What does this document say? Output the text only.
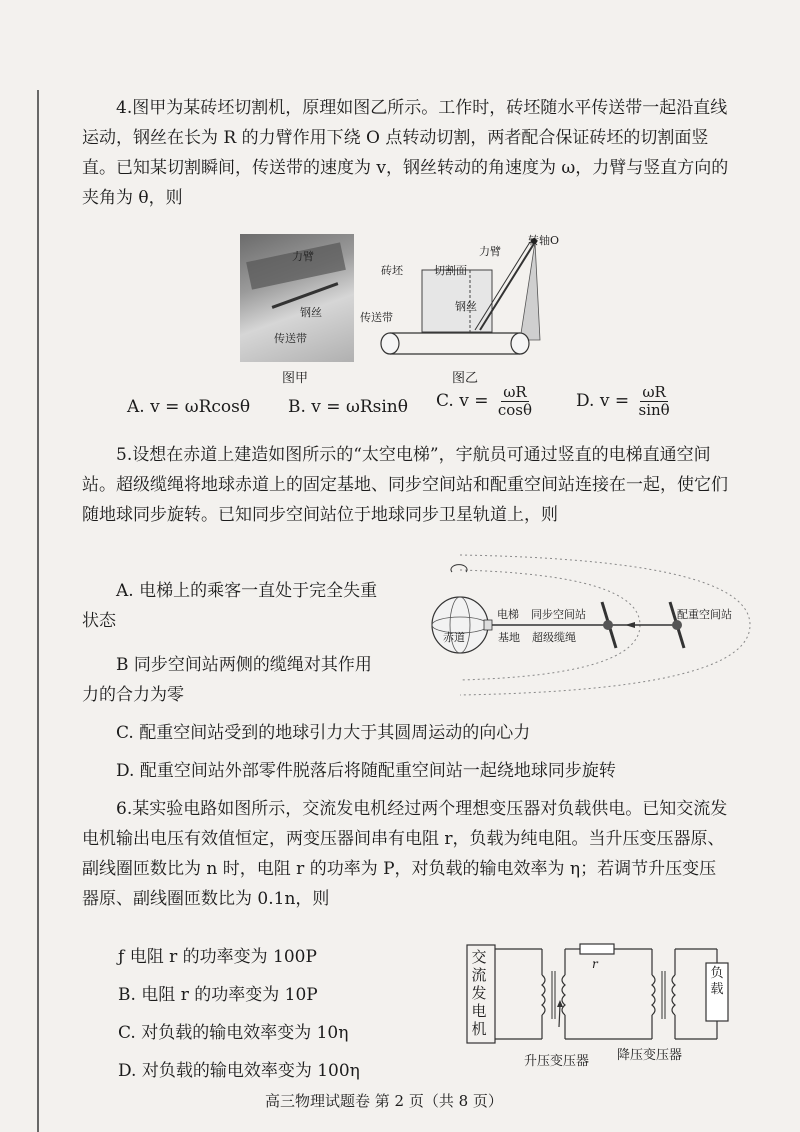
4.图甲为某砖坯切割机，原理如图乙所示。工作时，砖坯随水平传送带一起沿直线运动，钢丝在长为 R 的力臂作用下绕 O 点转动切割，两者配合保证砖坯的切割面竖直。已知某切割瞬间，传送带的速度为 v，钢丝转动的角速度为 ω，力臂与竖直方向的夹角为 θ，则

力臂
钢丝
传送带
图甲
砖坯	切割面
力臂
转轴O
钢丝
传送带
图乙
A. v = ωRcosθ B. v = ωRsinθ C. $v = \frac{\omega R}{\cos\theta} D$. $v = \frac{\omega R}{\sin\theta}$

5.设想在赤道上建造如图所示的“太空电梯”，宇航员可通过竖直的电梯直通空间站。超级缆绳将地球赤道上的固定基地、同步空间站和配重空间站连接在一起，使它们随地球同步旋转。已知同步空间站位于地球同步卫星轨道上，则

A. 电梯上的乘客一直处于完全失重状态

B 同步空间站两侧的缆绳对其作用力的合力为零

C. 配重空间站受到的地球引力大于其圆周运动的向心力

D. 配重空间站外部零件脱落后将随配重空间站一起绕地球同步旋转

电梯 同步空间站	配重空间站
赤道	基地 超级缆绳

6.某实验电路如图所示，交流发电机经过两个理想变压器对负载供电。已知交流发电机输出电压有效值恒定，两变压器间串有电阻 r，负载为纯电阻。当升压变压器原、副线圈匝数比为 n 时，电阻 r 的功率为 P，对负载的输电效率为 η；若调节升压变压器原、副线圈匝数比为 0.1n，则

ƒ 电阻 r 的功率变为 100P

B. 电阻 r 的功率变为 10P

C. 对负载的输电效率变为 10η

D. 对负载的输电效率变为 100η

交流发电机
负载
r
升压变压器 降压变压器
高三物理试题卷 第 2 页（共 8 页）
